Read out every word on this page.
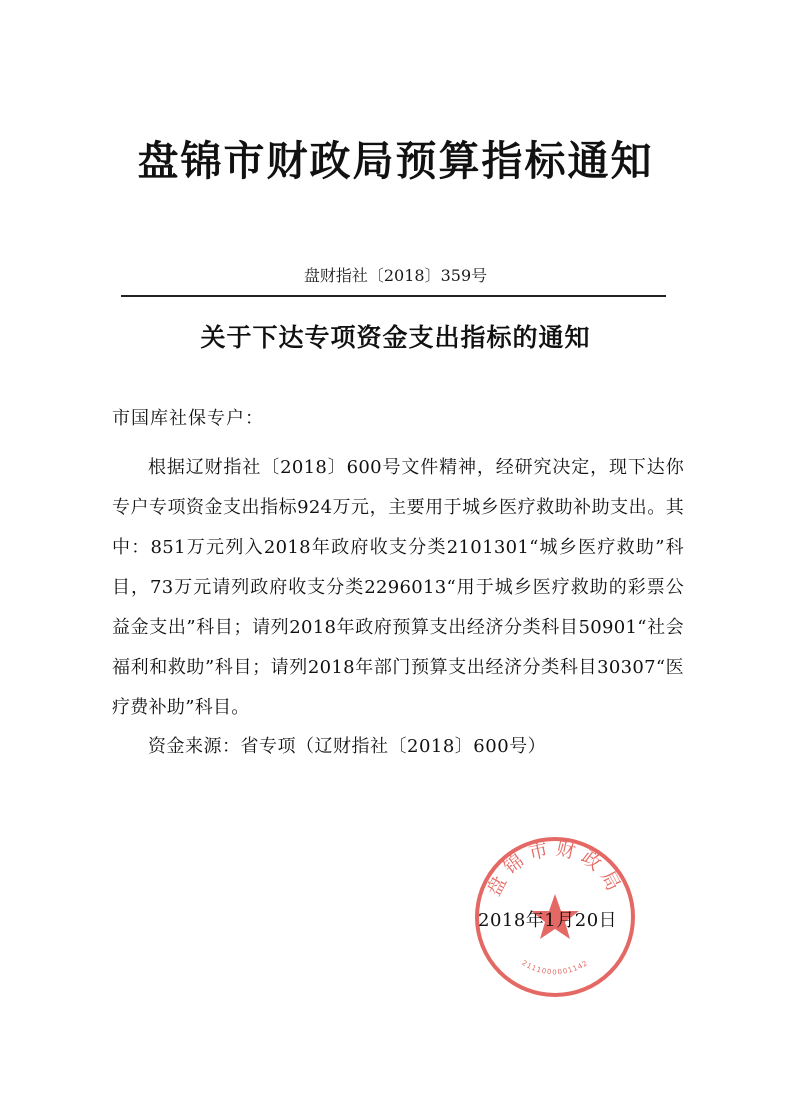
盘锦市财政局预算指标通知
盘财指社〔2018〕359号
关于下达专项资金支出指标的通知
市国库社保专户：
根据辽财指社〔2018〕600号文件精神，经研究决定，现下达你专户专项资金支出指标924万元，主要用于城乡医疗救助补助支出。其中：851万元列入2018年政府收支分类2101301“城乡医疗救助”科目，73万元请列政府收支分类2296013“用于城乡医疗救助的彩票公益金支出”科目；请列2018年政府预算支出经济分类科目50901“社会福利和救助”科目；请列2018年部门预算支出经济分类科目30307“医疗费补助”科目。
资金来源：省专项（辽财指社〔2018〕600号）
盘锦市财政局
2111000001142
2018年1月20日
